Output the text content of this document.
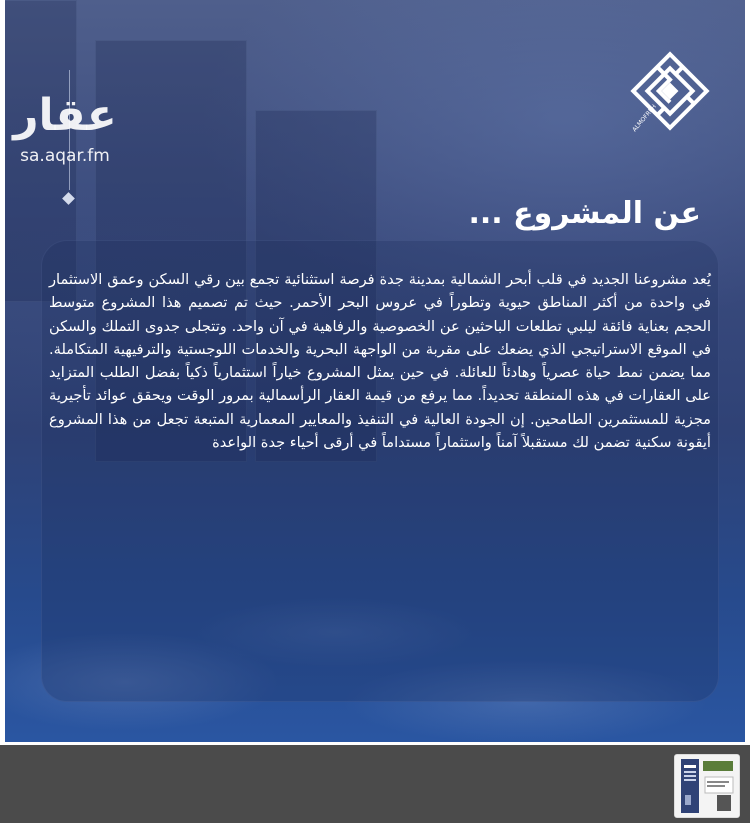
عقار
sa.aqar.fm
ALMOFREH
عن المشروع ...
يُعد مشروعنا الجديد في قلب أبحر الشمالية بمدينة جدة فرصة استثنائية تجمع بين رقي السكن وعمق الاستثمار في واحدة من أكثر المناطق حيوية وتطوراً في عروس البحر الأحمر. حيث تم تصميم هذا المشروع متوسط الحجم بعناية فائقة ليلبي تطلعات الباحثين عن الخصوصية والرفاهية في آن واحد. وتتجلى جدوى التملك والسكن في الموقع الاستراتيجي الذي يضعك على مقربة من الواجهة البحرية والخدمات اللوجستية والترفيهية المتكاملة. مما يضمن نمط حياة عصرياً وهادئاً للعائلة. في حين يمثل المشروع خياراً استثمارياً ذكياً بفضل الطلب المتزايد على العقارات في هذه المنطقة تحديداً. مما يرفع من قيمة العقار الرأسمالية بمرور الوقت ويحقق عوائد تأجيرية مجزية للمستثمرين الطامحين. إن الجودة العالية في التنفيذ والمعايير المعمارية المتبعة تجعل من هذا المشروع أيقونة سكنية تضمن لك مستقبلاً آمناً واستثماراً مستداماً في أرقى أحياء جدة الواعدة
